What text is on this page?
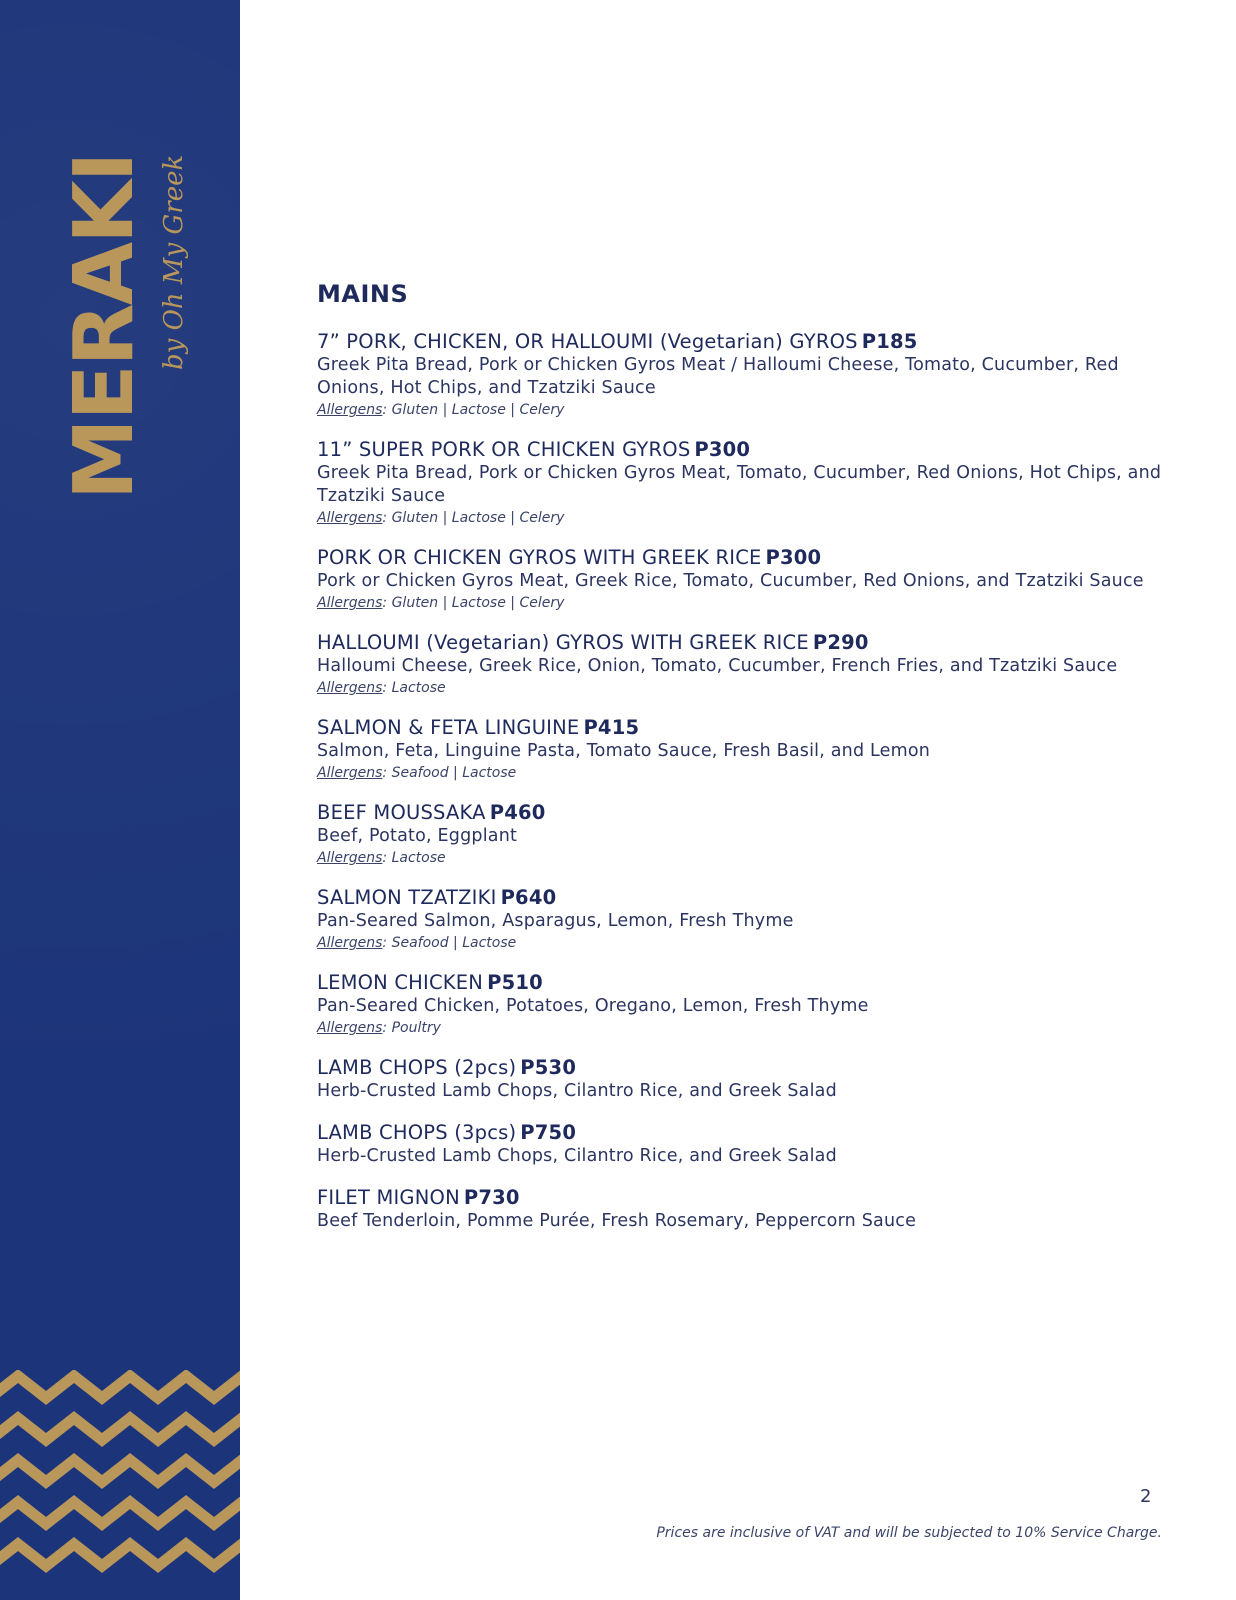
MERAKI by Oh My Greek	MAINS
7” PORK, CHICKEN, OR HALLOUMI (Vegetarian) GYROS P185
Greek Pita Bread, Pork or Chicken Gyros Meat / Halloumi Cheese, Tomato, Cucumber, Red Onions, Hot Chips, and Tzatziki Sauce
Allergens: Gluten | Lactose | Celery
11” SUPER PORK OR CHICKEN GYROS P300
Greek Pita Bread, Pork or Chicken Gyros Meat, Tomato, Cucumber, Red Onions, Hot Chips, and Tzatziki Sauce
Allergens: Gluten | Lactose | Celery
PORK OR CHICKEN GYROS WITH GREEK RICE P300
Pork or Chicken Gyros Meat, Greek Rice, Tomato, Cucumber, Red Onions, and Tzatziki Sauce
Allergens: Gluten | Lactose | Celery
HALLOUMI (Vegetarian) GYROS WITH GREEK RICE P290
Halloumi Cheese, Greek Rice, Onion, Tomato, Cucumber, French Fries, and Tzatziki Sauce
Allergens: Lactose
SALMON & FETA LINGUINE P415
Salmon, Feta, Linguine Pasta, Tomato Sauce, Fresh Basil, and Lemon
Allergens: Seafood | Lactose
BEEF MOUSSAKA P460
Beef, Potato, Eggplant
Allergens: Lactose
SALMON TZATZIKI P640
Pan-Seared Salmon, Asparagus, Lemon, Fresh Thyme
Allergens: Seafood | Lactose
LEMON CHICKEN P510
Pan-Seared Chicken, Potatoes, Oregano, Lemon, Fresh Thyme
Allergens: Poultry
LAMB CHOPS (2pcs) P530
Herb-Crusted Lamb Chops, Cilantro Rice, and Greek Salad
LAMB CHOPS (3pcs) P750
Herb-Crusted Lamb Chops, Cilantro Rice, and Greek Salad
FILET MIGNON P730
Beef Tenderloin, Pomme Purée, Fresh Rosemary, Peppercorn Sauce
2
Prices are inclusive of VAT and will be subjected to 10% Service Charge.
